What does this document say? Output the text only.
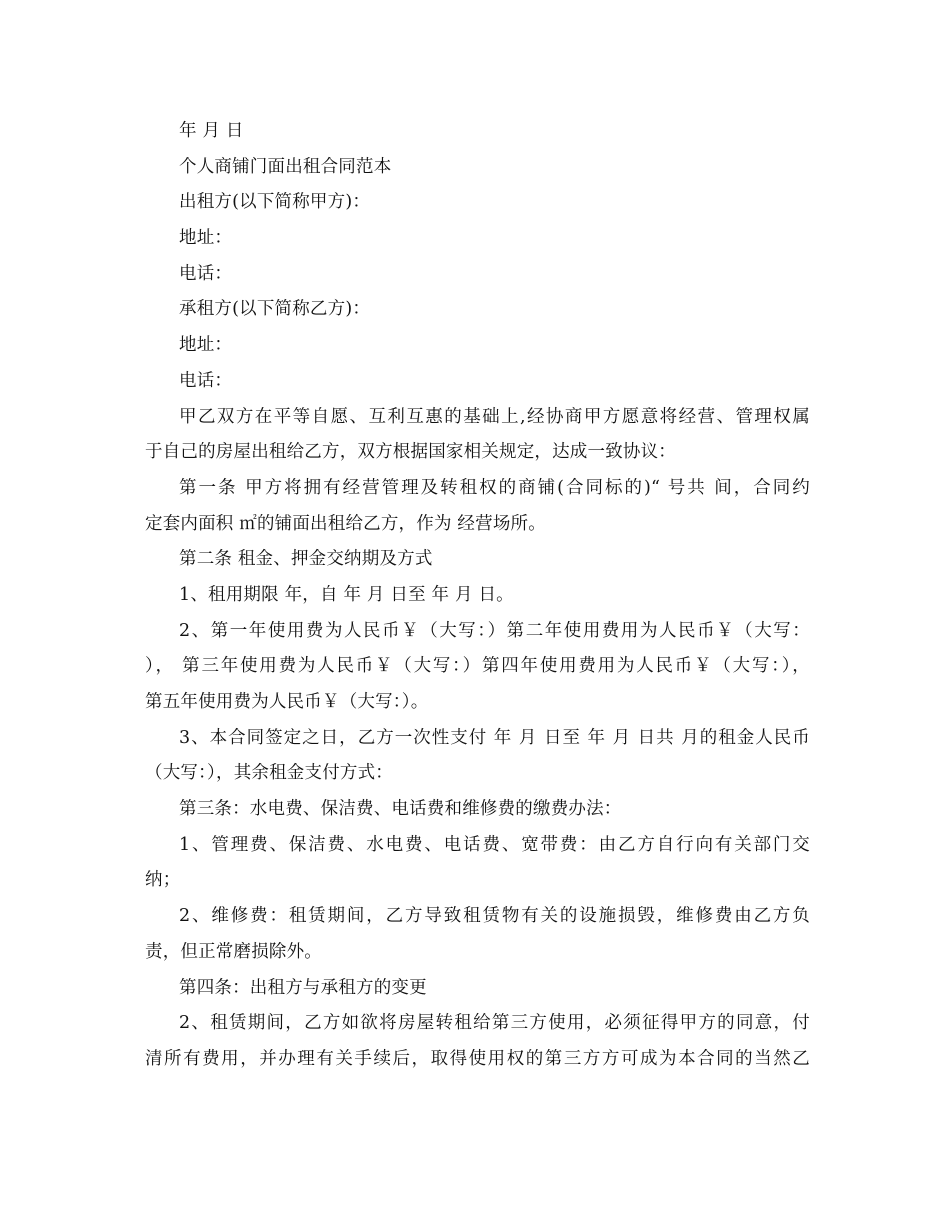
年 月 日
个人商铺门面出租合同范本
出租方(以下简称甲方)：
地址：
电话：
承租方(以下简称乙方)：
地址：
电话：
甲乙双方在平等自愿、互利互惠的基础上,经协商甲方愿意将经营、管理权属
于自己的房屋出租给乙方，双方根据国家相关规定，达成一致协议：
第一条 甲方将拥有经营管理及转租权的商铺(合同标的)“ 号共 间，合同约
定套内面积 ㎡的铺面出租给乙方，作为 经营场所。
第二条 租金、押金交纳期及方式
1、租用期限 年，自 年 月 日至 年 月 日。
2、第一年使用费为人民币￥（大写：）第二年使用费用为人民币￥（大写：
）， 第三年使用费为人民币￥（大写：）第四年使用费用为人民币￥（大写：），
第五年使用费为人民币￥（大写：）。
3、本合同签定之日，乙方一次性支付 年 月 日至 年 月 日共 月的租金人民币
（大写：），其余租金支付方式：
第三条：水电费、保洁费、电话费和维修费的缴费办法：
1、管理费、保洁费、水电费、电话费、宽带费：由乙方自行向有关部门交
纳；
2、维修费：租赁期间，乙方导致租赁物有关的设施损毁，维修费由乙方负
责，但正常磨损除外。
第四条：出租方与承租方的变更
2、租赁期间，乙方如欲将房屋转租给第三方使用，必须征得甲方的同意，付
清所有费用，并办理有关手续后，取得使用权的第三方方可成为本合同的当然乙
